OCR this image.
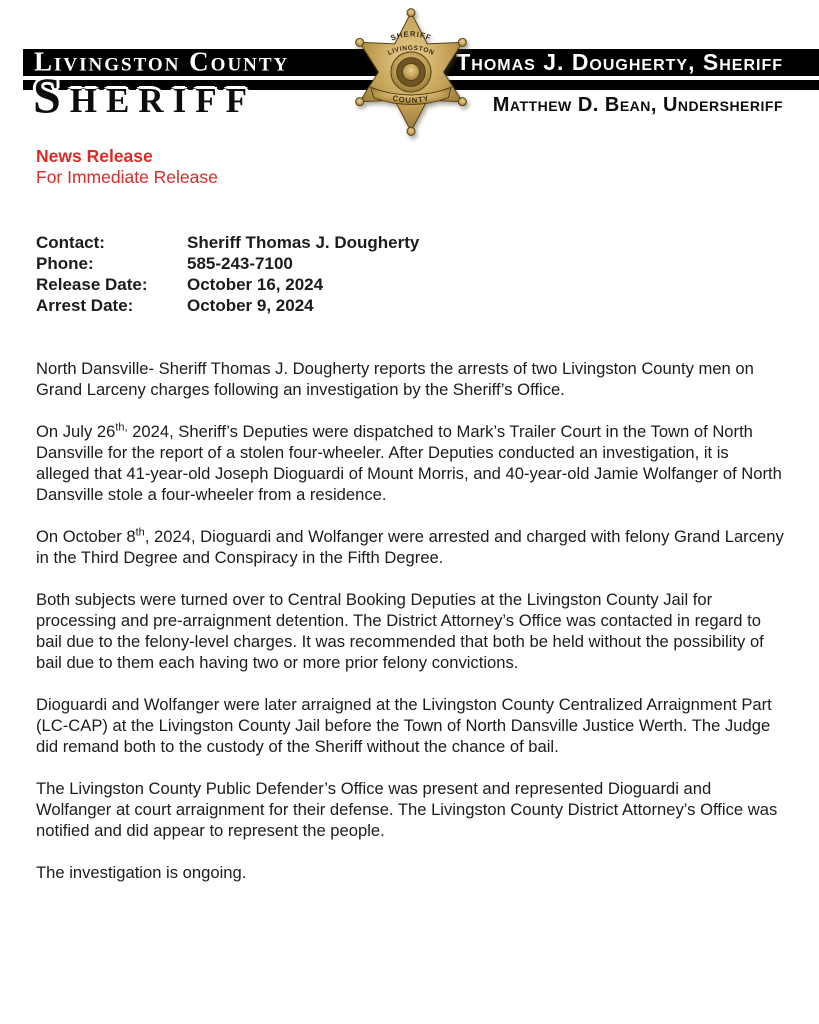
Livingston County	Thomas J. Dougherty, Sheriff
Sheriff	Matthew D. Bean, Undersheriff
SHERIFF
LIVINGSTON
COUNTY
News Release
For Immediate Release
Contact:	Sheriff Thomas J. Dougherty
Phone:	585-243-7100
Release Date:	October 16, 2024
Arrest Date:	October 9, 2024

North Dansville- Sheriff Thomas J. Dougherty reports the arrests of two Livingston County men on Grand Larceny charges following an investigation by the Sheriff’s Office.

On July $26^{th,}$ 2024, Sheriff’s Deputies were dispatched to Mark’s Trailer Court in the Town of North Dansville for the report of a stolen four-wheeler. After Deputies conducted an investigation, it is alleged that 41-year-old Joseph Dioguardi of Mount Morris, and 40-year-old Jamie Wolfanger of North Dansville stole a four-wheeler from a residence.

On October 8th, 2024, Dioguardi and Wolfanger were arrested and charged with felony Grand Larceny in the Third Degree and Conspiracy in the Fifth Degree.

Both subjects were turned over to Central Booking Deputies at the Livingston County Jail for processing and pre-arraignment detention. The District Attorney’s Office was contacted in regard to bail due to the felony-level charges. It was recommended that both be held without the possibility of bail due to them each having two or more prior felony convictions.

Dioguardi and Wolfanger were later arraigned at the Livingston County Centralized Arraignment Part (LC-CAP) at the Livingston County Jail before the Town of North Dansville Justice Werth. The Judge did remand both to the custody of the Sheriff without the chance of bail.

The Livingston County Public Defender’s Office was present and represented Dioguardi and Wolfanger at court arraignment for their defense. The Livingston County District Attorney’s Office was notified and did appear to represent the people.

The investigation is ongoing.
